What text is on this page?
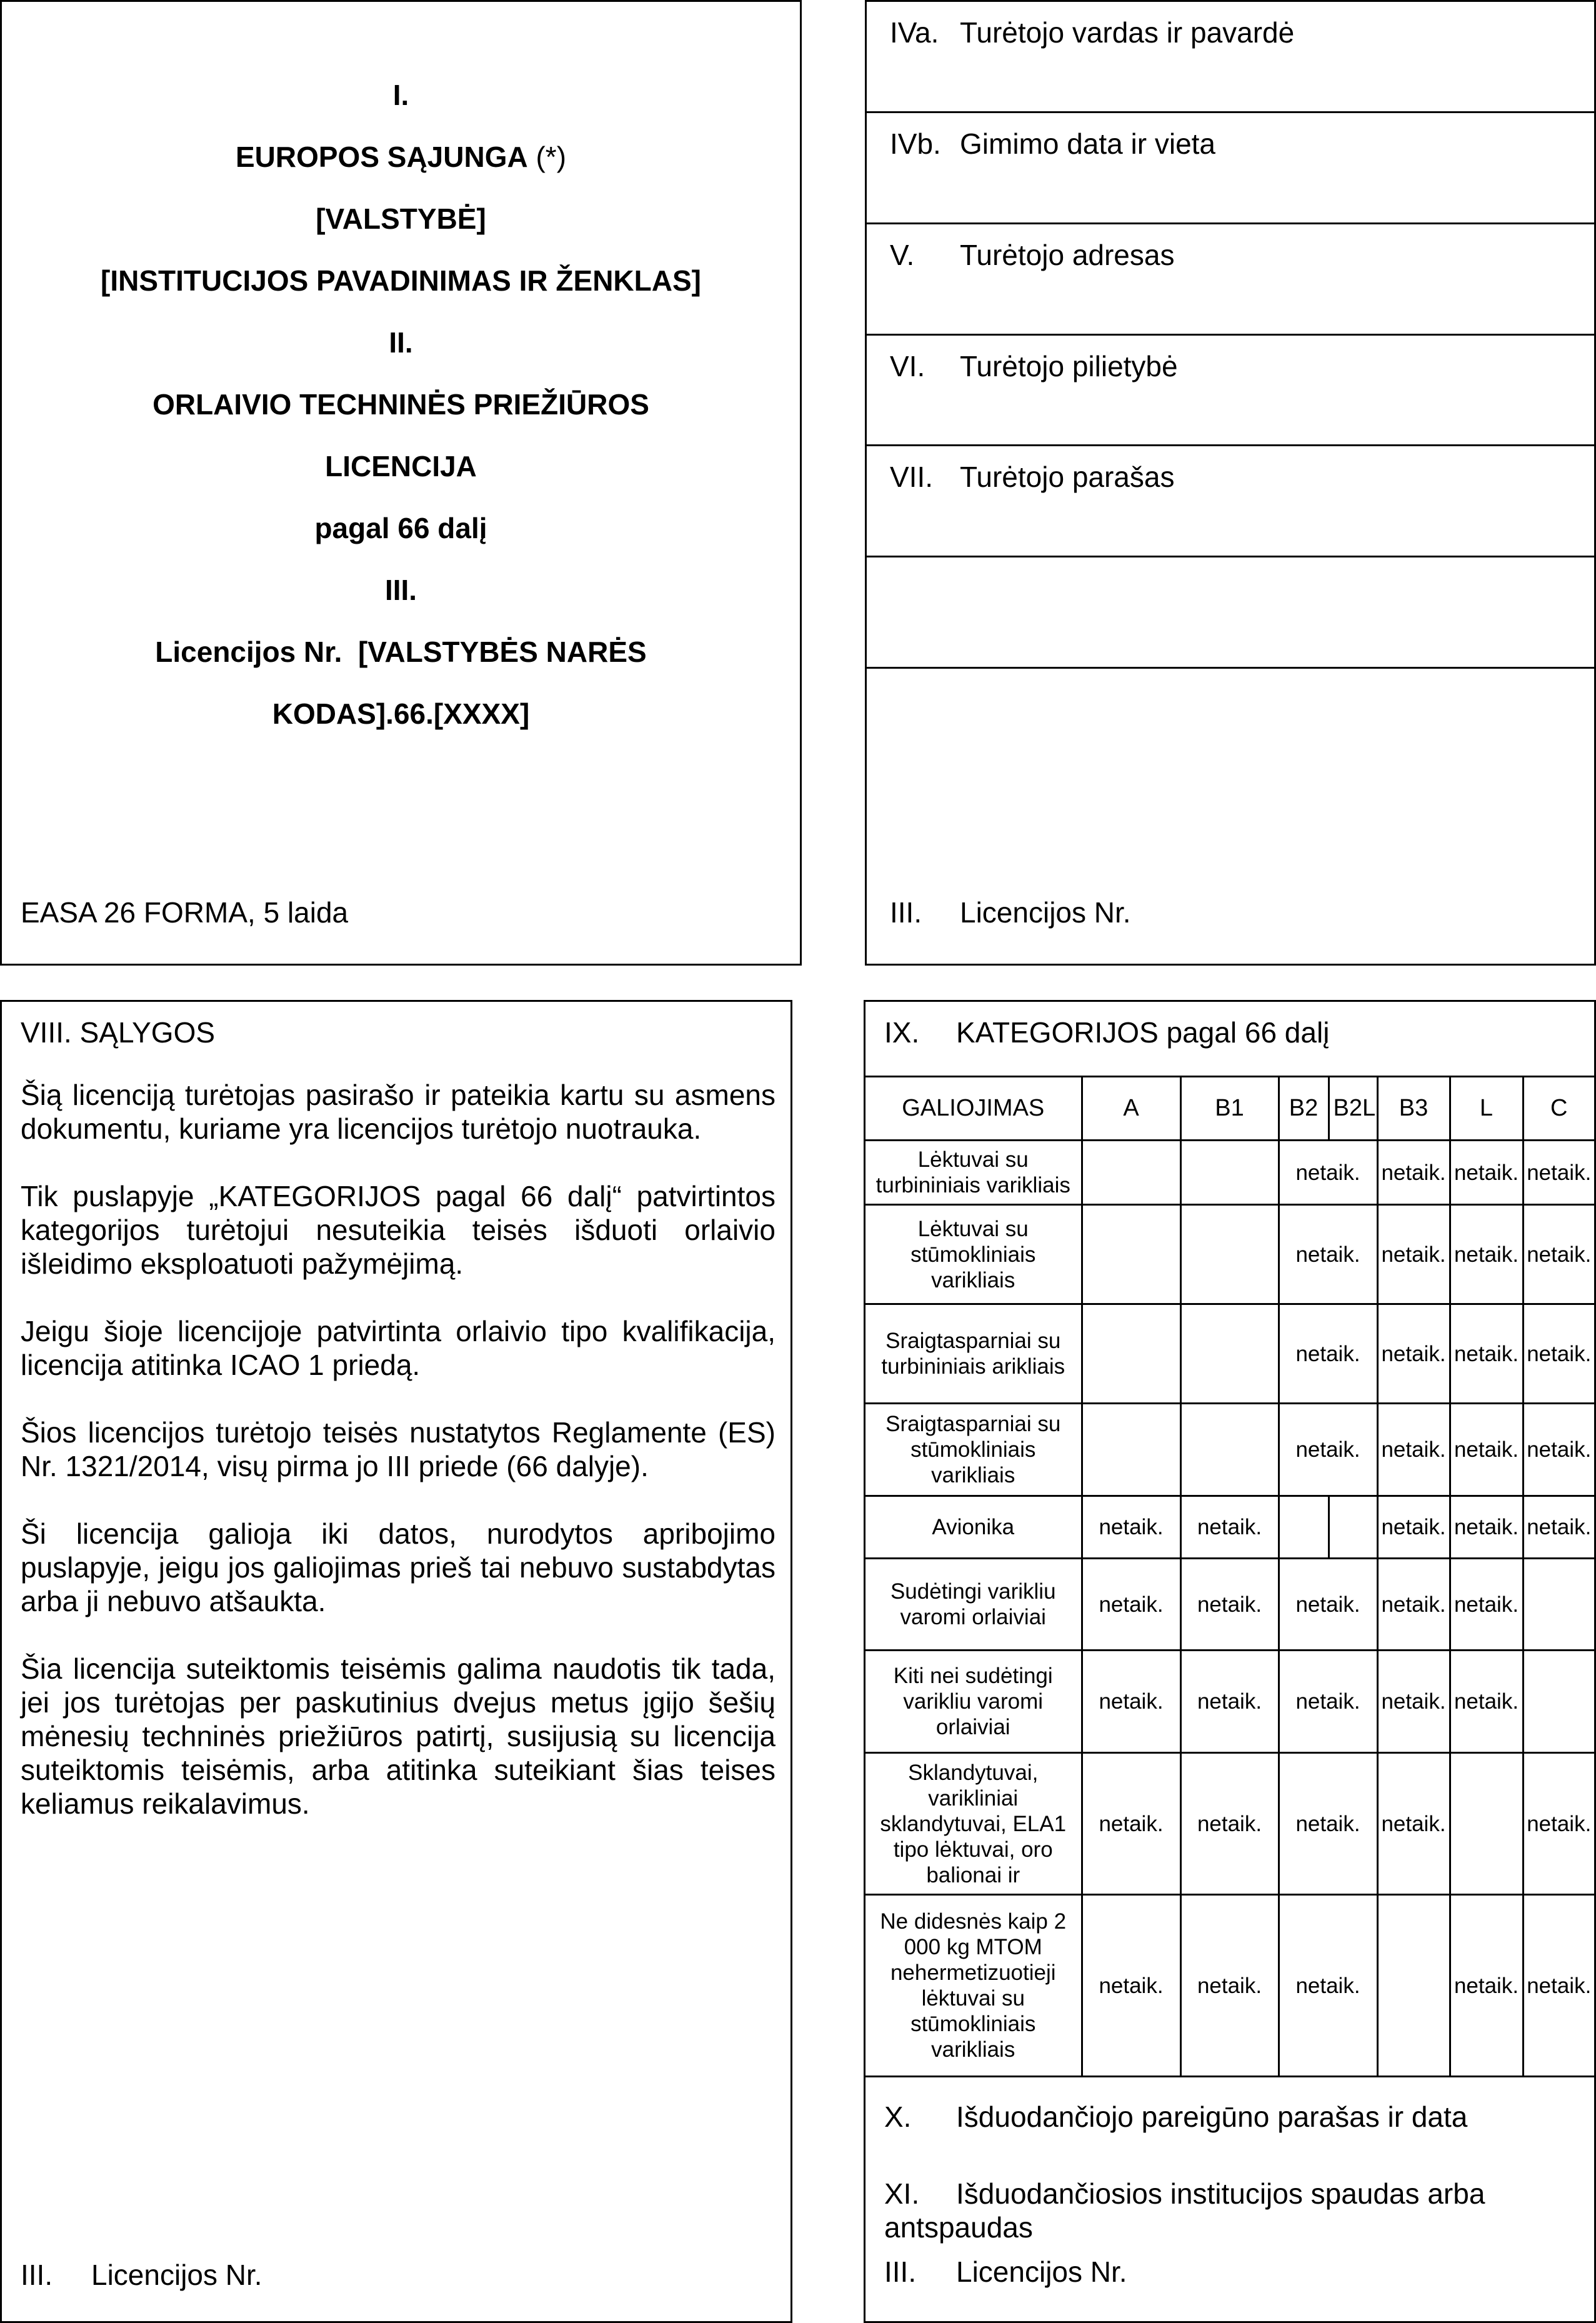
I.
EUROPOS SĄJUNGA (*)
[VALSTYBĖ]
[INSTITUCIJOS PAVADINIMAS IR ŽENKLAS]
II.
ORLAIVIO TECHNINĖS PRIEŽIŪROS
LICENCIJA
pagal 66 dalį
III.
Licencijos Nr.  [VALSTYBĖS NARĖS
KODAS].66.[XXXX]
EASA 26 FORMA, 5 laida
IVa. Turėtojo vardas ir pavardė
IVb. Gimimo data ir vieta
V. Turėtojo adresas
VI. Turėtojo pilietybė
VII. Turėtojo parašas
III. Licencijos Nr.
VIII. SĄLYGOS

Šią licenciją turėtojas pasirašo ir pateikia kartu su asmens dokumentu, kuriame yra licencijos turėtojo nuotrauka.

Tik puslapyje „KATEGORIJOS pagal 66 dalį“ patvirtintos kategorijos turėtojui nesuteikia teisės išduoti orlaivio išleidimo eksploatuoti pažymėjimą.

Jeigu šioje licencijoje patvirtinta orlaivio tipo kvalifikacija, licencija atitinka ICAO 1 priedą.

Šios licencijos turėtojo teisės nustatytos Reglamente (ES) Nr. 1321/2014, visų pirma jo III priede (66 dalyje).

Ši licencija galioja iki datos, nurodytos apribojimo puslapyje, jeigu jos galiojimas prieš tai nebuvo sustabdytas arba ji nebuvo atšaukta.

Šia licencija suteiktomis teisėmis galima naudotis tik tada, jei jos turėtojas per paskutinius dvejus metus įgijo šešių mėnesių techninės priežiūros patirtį, susijusią su licencija suteiktomis teisėmis, arba atitinka suteikiant šias teises keliamus reikalavimus.

III. Licencijos Nr.
IX. KATEGORIJOS pagal 66 dalį
GALIOJIMAS	A	B1	B2	B2L	B3	L	C
Lėktuvai su turbininiais varikliais			netaik.		netaik.	netaik.	netaik.
Lėktuvai su stūmokliniais varikliais			netaik.		netaik.	netaik.	netaik.
Sraigtasparniai su turbininiais arikliais			netaik.		netaik.	netaik.	netaik.
Sraigtasparniai su stūmokliniais varikliais			netaik.		netaik.	netaik.	netaik.
Avionika	netaik.	netaik.			netaik.	netaik.	netaik.
Sudėtingi varikliu varomi orlaiviai	netaik.	netaik.	netaik.		netaik.	netaik.	
Kiti nei sudėtingi varikliu varomi orlaiviai	netaik.	netaik.	netaik.		netaik.	netaik.	
Sklandytuvai, varikliniai sklandytuvai, ELA1 tipo lėktuvai, oro balionai ir	netaik.	netaik.	netaik.		netaik.		netaik.
Ne didesnės kaip 2 000 kg MTOM nehermetizuotieji lėktuvai su stūmokliniais varikliais	netaik.	netaik.	netaik.			netaik.	netaik.
X. Išduodančiojo pareigūno parašas ir data
XI. Išduodančiosios institucijos spaudas arba antspaudas
III. Licencijos Nr.
